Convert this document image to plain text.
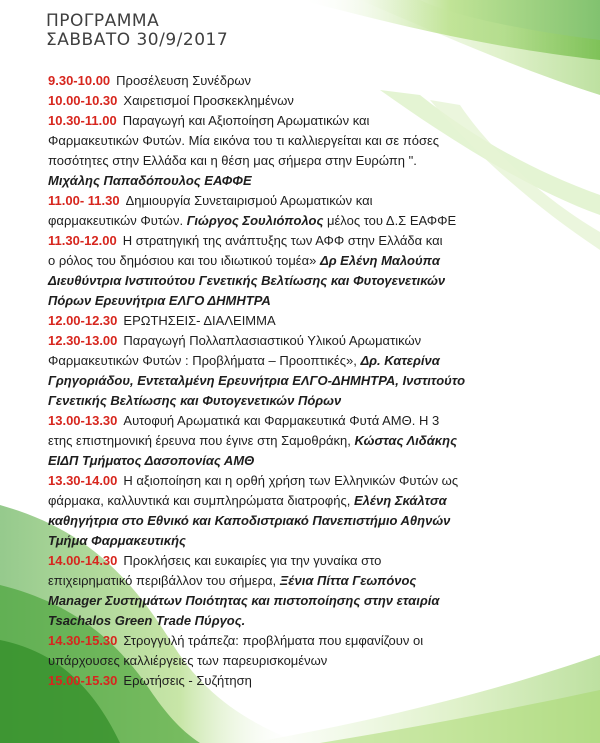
ΠΡΟΓΡΑΜΜΑ
ΣΑΒΒΑΤΟ 30/9/2017
9.30-10.00 Προσέλευση Συνέδρων
10.00-10.30 Χαιρετισμοί Προσκεκλημένων
10.30-11.00 Παραγωγή και Αξιοποίηση Αρωματικών και
Φαρμακευτικών Φυτών. Μία εικόνα του τι καλλιεργείται και σε πόσες
ποσότητες στην Ελλάδα και η θέση μας σήμερα στην Ευρώπη ".
Μιχάλης Παπαδόπουλος ΕΑΦΦΕ
11.00- 11.30 Δημιουργία Συνεταιρισμού Αρωματικών και
φαρμακευτικών Φυτών. Γιώργος Σουλιόπολος μέλος του Δ.Σ ΕΑΦΦΕ
11.30-12.00 Η στρατηγική της ανάπτυξης των ΑΦΦ στην Ελλάδα και
ο ρόλος του δημόσιου και του ιδιωτικού τομέα» Δρ Ελένη Μαλούπα
Διευθύντρια Ινστιτούτου Γενετικής Βελτίωσης και Φυτογενετικών
Πόρων Ερευνήτρια ΕΛΓΟ ΔΗΜΗΤΡΑ
12.00-12.30 ΕΡΩΤΗΣΕΙΣ- ΔΙΑΛΕΙΜΜΑ
12.30-13.00 Παραγωγή Πολλαπλασιαστικού Υλικού Αρωματικών
Φαρμακευτικών Φυτών : Προβλήματα – Προοπτικές», Δρ. Κατερίνα
Γρηγοριάδου, Εντεταλμένη Ερευνήτρια ΕΛΓΟ-ΔΗΜΗΤΡΑ, Ινστιτούτο
Γενετικής Βελτίωσης και Φυτογενετικών Πόρων
13.00-13.30 Αυτοφυή Αρωματικά και Φαρμακευτικά Φυτά ΑΜΘ. Η 3
ετης επιστημονική έρευνα που έγινε στη Σαμοθράκη, Κώστας Λιδάκης
ΕΙΔΠ Τμήματος Δασοπονίας ΑΜΘ
13.30-14.00 Η αξιοποίηση και η ορθή χρήση των Ελληνικών Φυτών ως
φάρμακα, καλλυντικά και συμπληρώματα διατροφής, Ελένη Σκάλτσα
καθηγήτρια στο Εθνικό και Καποδιστριακό Πανεπιστήμιο Αθηνών
Τμήμα Φαρμακευτικής
14.00-14.30 Προκλήσεις και ευκαιρίες για την γυναίκα στο
επιχειρηματικό περιβάλλον του σήμερα, Ξένια Πίττα Γεωπόνος
Manager Συστημάτων Ποιότητας και πιστοποίησης στην εταιρία
Tsachalos Green Trade Πύργος.
14.30-15.30 Στρογγυλή τράπεζα: προβλήματα που εμφανίζουν οι
υπάρχουσες καλλιέργειες των παρευρισκομένων
15.00-15.30 Ερωτήσεις - Συζήτηση
